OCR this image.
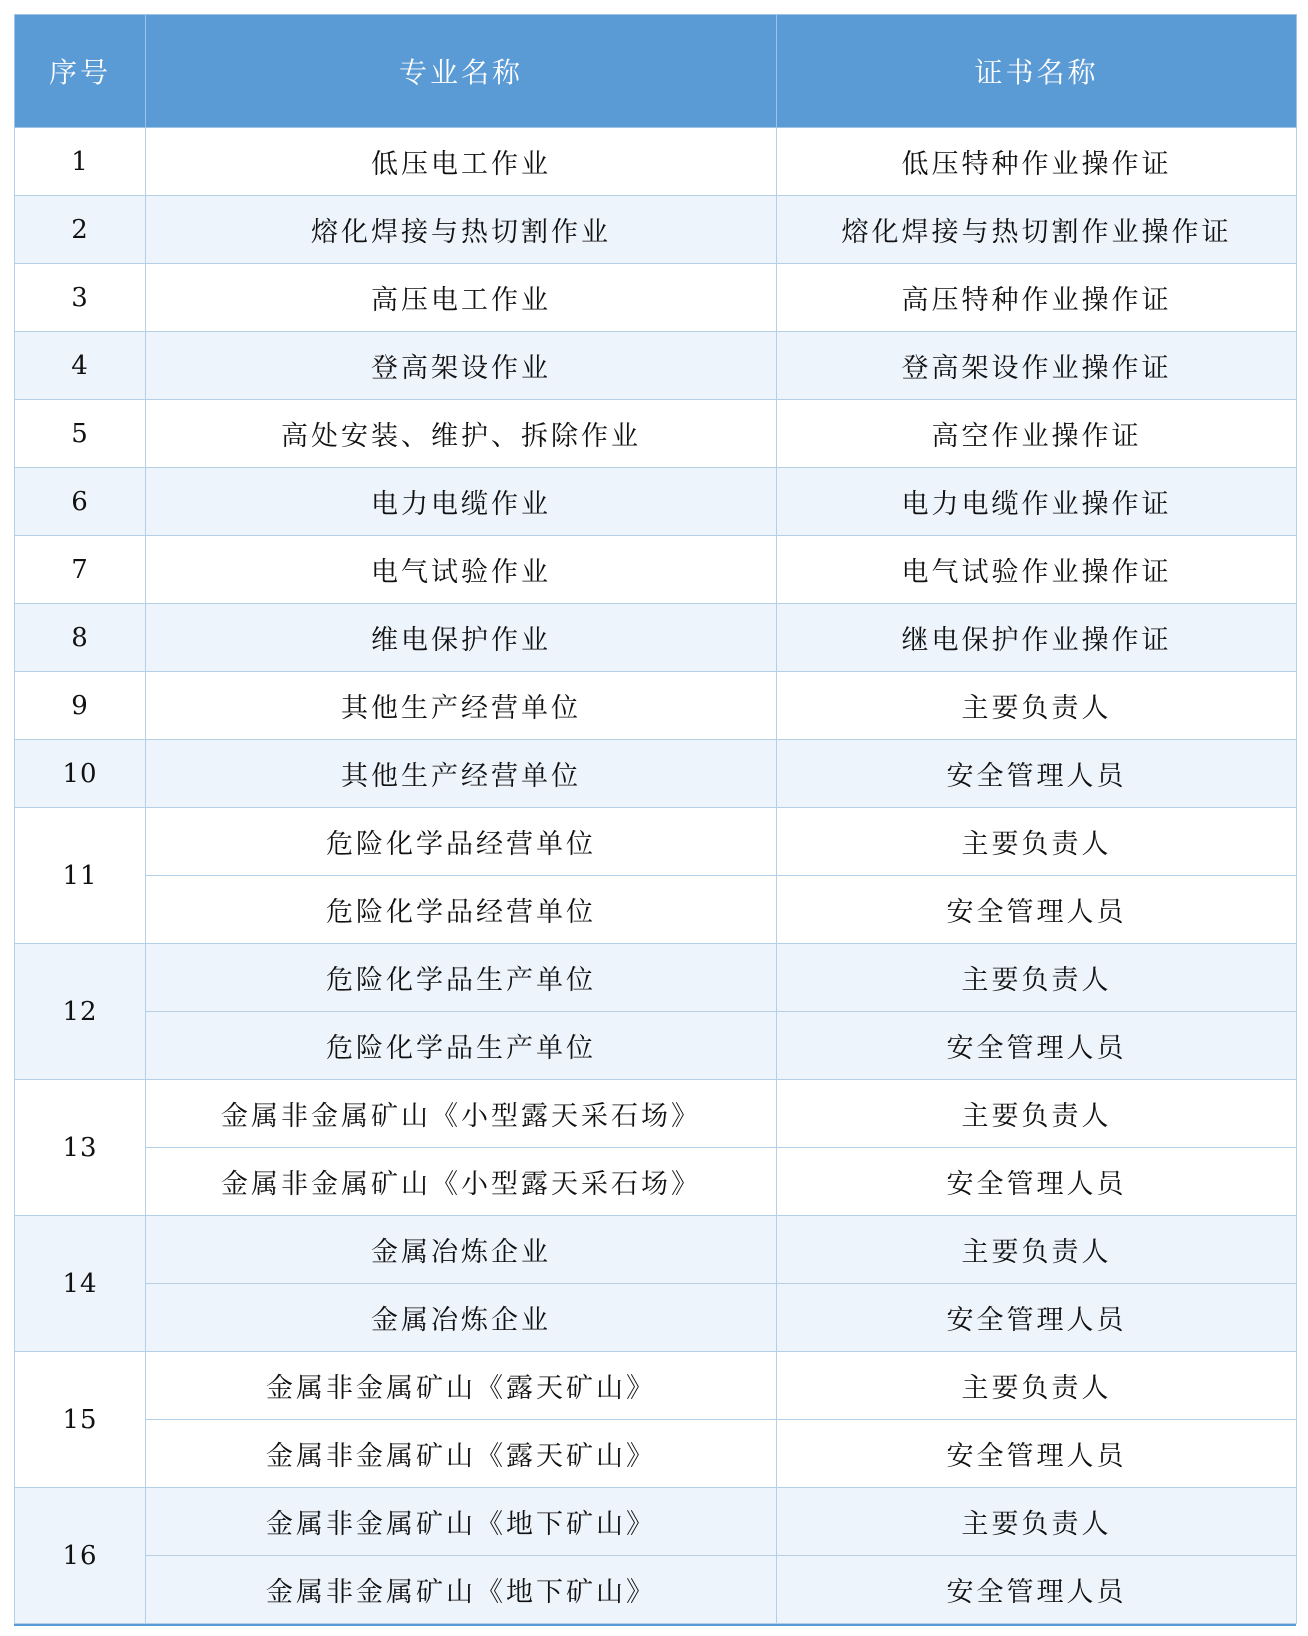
序号	专业名称	证书名称
1	低压电工作业	低压特种作业操作证
2	熔化焊接与热切割作业	熔化焊接与热切割作业操作证
3	高压电工作业	高压特种作业操作证
4	登高架设作业	登高架设作业操作证
5	高处安装、维护、拆除作业	高空作业操作证
6	电力电缆作业	电力电缆作业操作证
7	电气试验作业	电气试验作业操作证
8	维电保护作业	继电保护作业操作证
9	其他生产经营单位	主要负责人
10	其他生产经营单位	安全管理人员
11	危险化学品经营单位	主要负责人
	危险化学品经营单位	安全管理人员
12	危险化学品生产单位	主要负责人
	危险化学品生产单位	安全管理人员
13	金属非金属矿山《小型露天采石场》	主要负责人
	金属非金属矿山《小型露天采石场》	安全管理人员
14	金属冶炼企业	主要负责人
	金属冶炼企业	安全管理人员
15	金属非金属矿山《露天矿山》	主要负责人
	金属非金属矿山《露天矿山》	安全管理人员
16	金属非金属矿山《地下矿山》	主要负责人
	金属非金属矿山《地下矿山》	安全管理人员
